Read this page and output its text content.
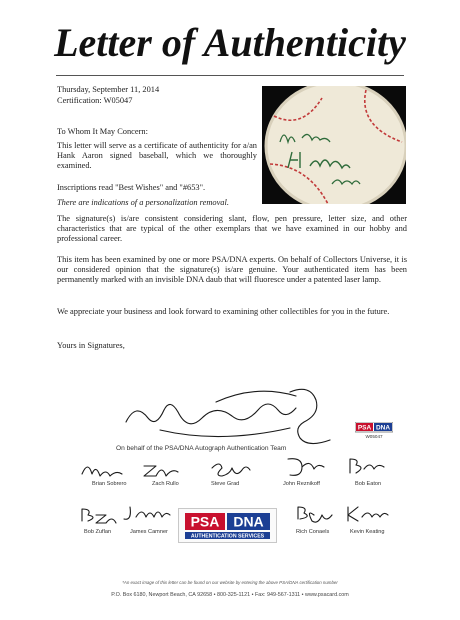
Letter of Authenticity
Thursday, September 11, 2014
Certification: W05047
To Whom It May Concern:
This letter will serve as a certificate of authenticity for a/an Hank Aaron signed baseball, which we thoroughly examined.
Inscriptions read "Best Wishes" and "#653".
There are indications of a personalization removal.
The signature(s) is/are consistent considering slant, flow, pen pressure, letter size, and other characteristics that are typical of the other exemplars that we have examined in our hobby and professional career.
This item has been examined by one or more PSA/DNA experts. On behalf of Collectors Universe, it is our considered opinion that the signature(s) is/are genuine. Your authenticated item has been permanently marked with an invisible DNA daub that will fluoresce under a patented laser lamp.
We appreciate your business and look forward to examining other collectibles for you in the future.
Yours in Signatures,
PSA DNA
W05047
On behalf of the PSA/DNA Autograph Authentication Team
Brian Sobrero	Zach Rullo	Steve Grad	John Reznikoff	Bob Eaton
PSA DNA
AUTHENTICATION SERVICES
Bob Zuflan	James Camner	Rich Conaels	Kevin Keating
*An exact image of this letter can be found on our website by entering the above PSA/DNA certification number
P.O. Box 6180, Newport Beach, CA 92658 • 800-325-1121 • Fax: 949-567-1311 • www.psacard.com
